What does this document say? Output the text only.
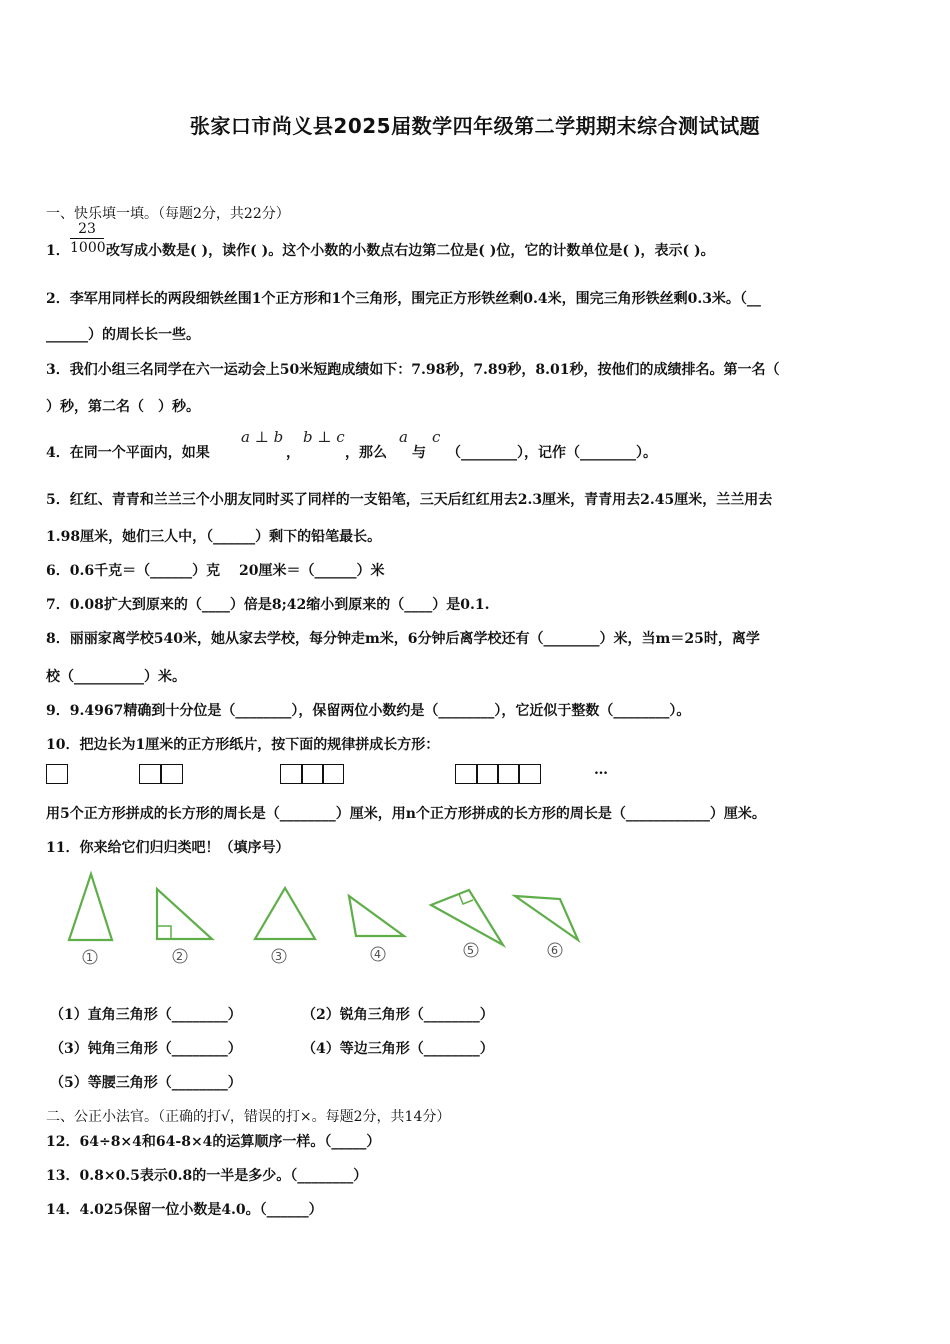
张家口市尚义县2025届数学四年级第二学期期末综合测试试题
一、快乐填一填。（每题2分，共22分）
1． $\frac{23}{1000}$ 改写成小数是( )，读作( )。这个小数的小数点右边第二位是( )位，它的计数单位是( )，表示( )。
2．李军用同样长的两段细铁丝围1个正方形和1个三角形，围完正方形铁丝剩0.4米，围完三角形铁丝剩0.3米。（__
______）的周长长一些。
3．我们小组三名同学在六一运动会上50米短跑成绩如下：7.98秒，7.89秒，8.01秒，按他们的成绩排名。第一名（
）秒，第二名（　）秒。
4．在同一个平面内，如果
a ⊥ b
，
b ⊥ c
，那么
a
与
c
（________），记作（________）。
5．红红、青青和兰兰三个小朋友同时买了同样的一支铅笔，三天后红红用去2.3厘米，青青用去2.45厘米，兰兰用去
1.98厘米，她们三人中，（______）剩下的铅笔最长。
6．0.6千克＝（______）克　 20厘米＝（______）米
7．0.08扩大到原来的（____）倍是8;42缩小到原来的（____）是0.1.
8．丽丽家离学校540米，她从家去学校，每分钟走m米，6分钟后离学校还有（________）米，当m＝25时，离学
校（__________）米。
9．9.4967精确到十分位是（________），保留两位小数约是（________），它近似于整数（________）。
10．把边长为1厘米的正方形纸片，按下面的规律拼成长方形：
…
用5个正方形拼成的长方形的周长是（________）厘米，用n个正方形拼成的长方形的周长是（____________）厘米。
11．你来给它们归归类吧！（填序号）
1	2	3	4	5	6
（1）直角三角形（________）	（2）锐角三角形（________）
（3）钝角三角形（________）	（4）等边三角形（________）
（5）等腰三角形（________）
二、公正小法官。（正确的打√，错误的打×。每题2分，共14分）
12．64÷8×4和64-8×4的运算顺序一样。（_____）
13．0.8×0.5表示0.8的一半是多少。（________）
14．4.025保留一位小数是4.0。（______）
